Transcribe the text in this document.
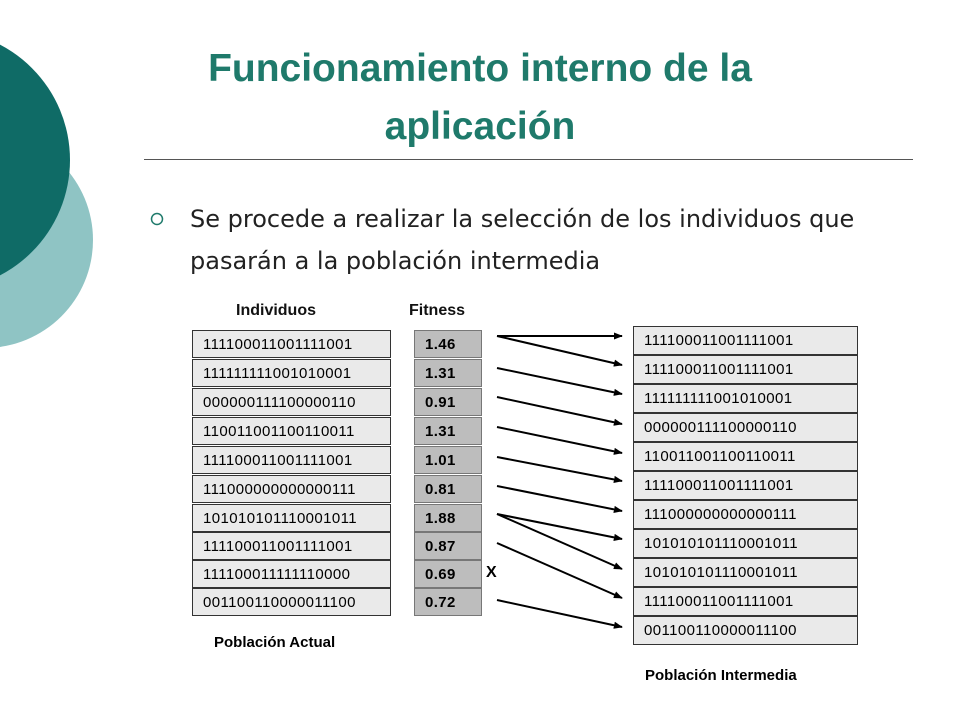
Funcionamiento interno de la aplicación
Se procede a realizar la selección de los individuos que pasarán a la población intermedia
Individuos	Fitness
111100011001111001
111111111001010001
000000111100000110
110011001100110011
111100011001111001
111000000000000111
101010101110001011
111100011001111001
111100011111110000
001100110000011100
1.46
1.31
0.91
1.31
1.01
0.81
1.88
0.87
0.69
0.72
X
111100011001111001
111100011001111001
111111111001010001
000000111100000110
110011001100110011
111100011001111001
111000000000000111
101010101110001011
101010101110001011
111100011001111001
001100110000011100
Población Actual
Población Intermedia
